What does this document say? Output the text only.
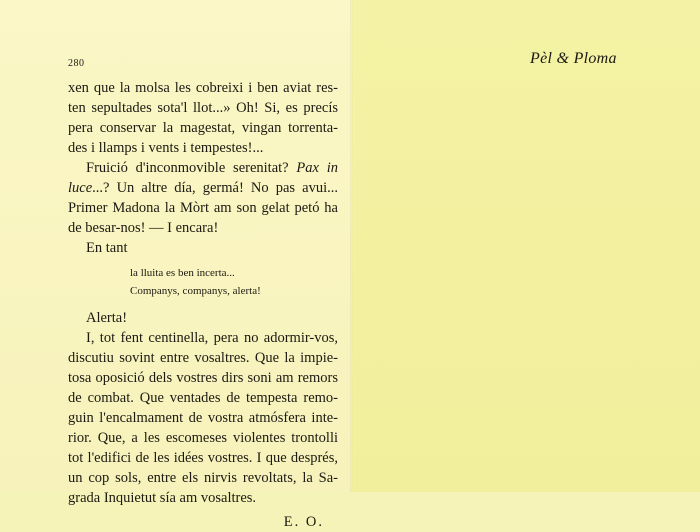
280	Pèl & Ploma
xen que la molsa les cobreixi i ben aviat res-
ten sepultades sota'l llot...» Oh! Si, es precís
pera conservar la magestat, vingan torrenta-
des i llamps i vents i tempestes!...
Fruició d'inconmovible serenitat? Pax in
luce...? Un altre día, germá! No pas avui...
Primer Madona la Mòrt am son gelat petó ha
de besar-nos! — I encara!
En tant
la lluita es ben incerta...
Companys, companys, alerta!
Alerta!
I, tot fent centinella, pera no adormir-vos,
discutiu sovint entre vosaltres. Que la impie-
tosa oposició dels vostres dirs soni am remors
de combat. Que ventades de tempesta remo-
guin l'encalmament de vostra atmósfera inte-
rior. Que, a les escomeses violentes trontolli
tot l'edifici de les idées vostres. I que després,
un cop sols, entre els nirvis revoltats, la Sa-
grada Inquietut sía am vosaltres.
E. O.
